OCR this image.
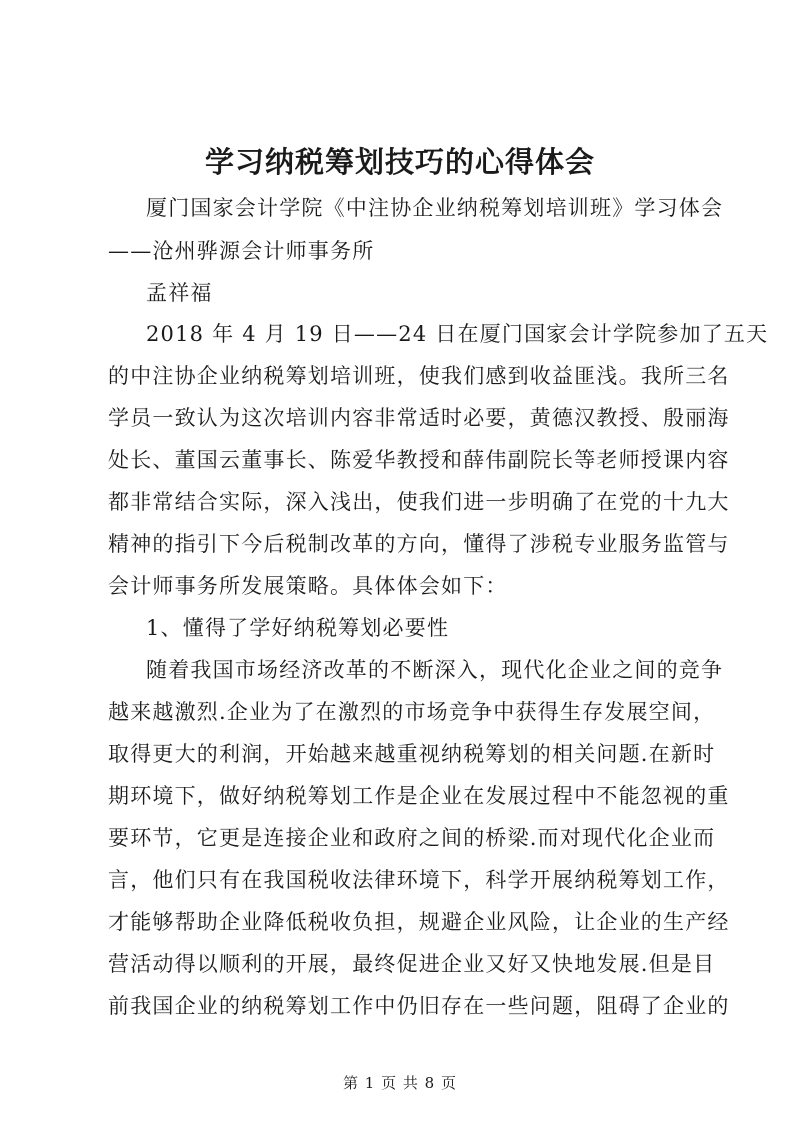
学习纳税筹划技巧的心得体会
厦门国家会计学院《中注协企业纳税筹划培训班》学习体会
——沧州骅源会计师事务所
孟祥福
2018 年 4 月 19 日——24 日在厦门国家会计学院参加了五天
的中注协企业纳税筹划培训班，使我们感到收益匪浅。我所三名
学员一致认为这次培训内容非常适时必要，黄德汉教授、殷丽海
处长、董国云董事长、陈爱华教授和薛伟副院长等老师授课内容
都非常结合实际，深入浅出，使我们进一步明确了在党的十九大
精神的指引下今后税制改革的方向，懂得了涉税专业服务监管与
会计师事务所发展策略。具体体会如下：
1、懂得了学好纳税筹划必要性
随着我国市场经济改革的不断深入，现代化企业之间的竞争
越来越激烈.企业为了在激烈的市场竞争中获得生存发展空间，
取得更大的利润，开始越来越重视纳税筹划的相关问题.在新时
期环境下，做好纳税筹划工作是企业在发展过程中不能忽视的重
要环节，它更是连接企业和政府之间的桥梁.而对现代化企业而
言，他们只有在我国税收法律环境下，科学开展纳税筹划工作，
才能够帮助企业降低税收负担，规避企业风险，让企业的生产经
营活动得以顺利的开展，最终促进企业又好又快地发展.但是目
前我国企业的纳税筹划工作中仍旧存在一些问题，阻碍了企业的
第 1 页 共 8 页
